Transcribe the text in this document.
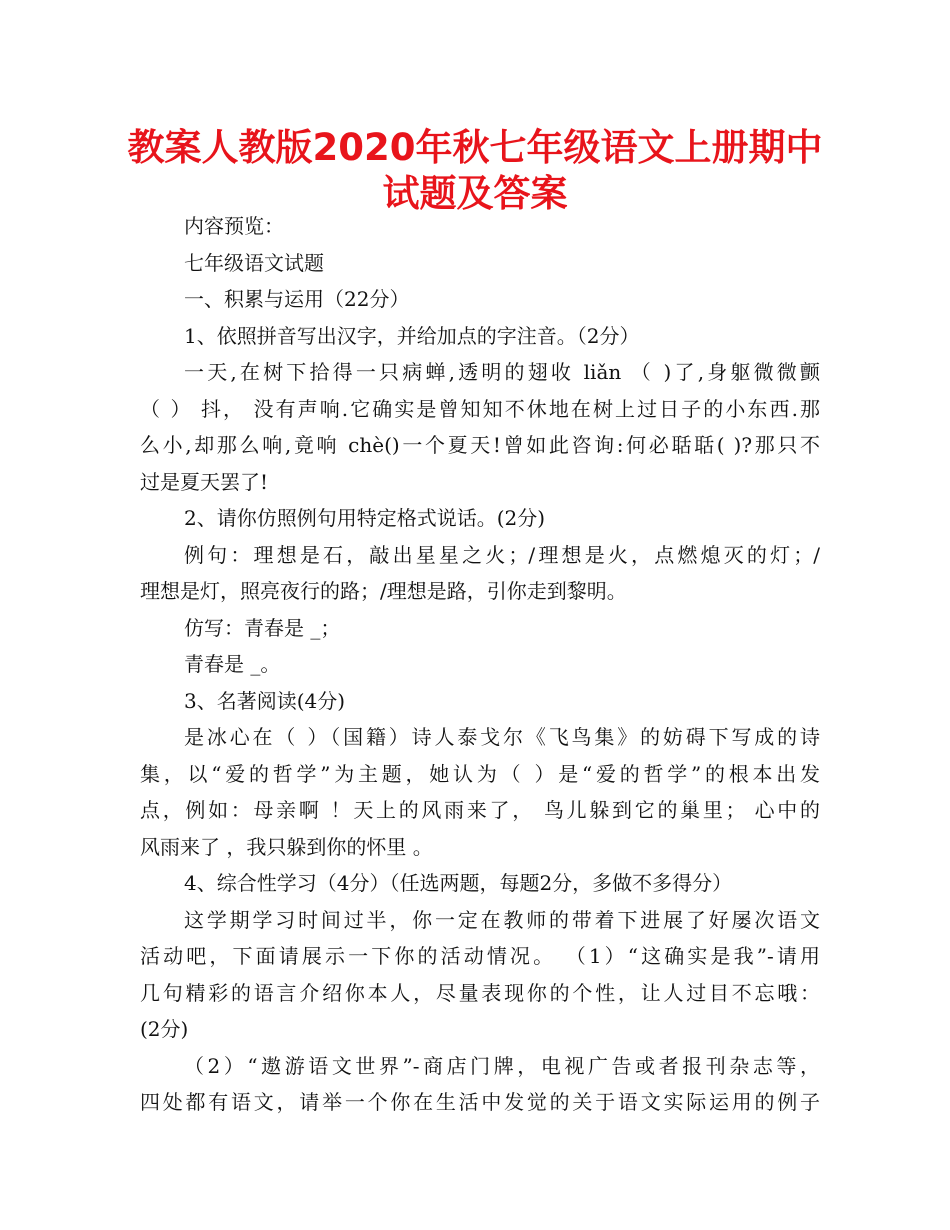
教案人教版2020年秋七年级语文上册期中
试题及答案
内容预览：
七年级语文试题
一、积累与运用（22分）
1、依照拼音写出汉字，并给加点的字注音。（2分）
一天,在树下拾得一只病蝉,透明的翅收 liǎn （ )了,身躯微微颤
（ ） 抖， 没有声响.它确实是曾知知不休地在树上过日子的小东西.那
么小,却那么响,竟响 chè()一个夏天!曾如此咨询:何必聒聒( )?那只不
过是夏天罢了!
2、请你仿照例句用特定格式说话。(2分)
例句：理想是石，敲出星星之火；/理想是火，点燃熄灭的灯；/
理想是灯，照亮夜行的路；/理想是路，引你走到黎明。
仿写：青春是 _；
青春是 _。
3、名著阅读(4分)
是冰心在（ ）（国籍）诗人泰戈尔《飞鸟集》的妨碍下写成的诗
集，以“爱的哲学”为主题，她认为（ ）是“爱的哲学”的根本出发
点，例如：母亲啊 ！天上的风雨来了， 鸟儿躲到它的巢里； 心中的
风雨来了 ，我只躲到你的怀里 。
4、综合性学习（4分）（任选两题，每题2分，多做不多得分）
这学期学习时间过半，你一定在教师的带着下进展了好屡次语文
活动吧，下面请展示一下你的活动情况。 （1）“这确实是我”-请用
几句精彩的语言介绍你本人，尽量表现你的个性，让人过目不忘哦：
(2分)
（2）“遨游语文世界”-商店门牌，电视广告或者报刊杂志等，
四处都有语文，请举一个你在生活中发觉的关于语文实际运用的例子
